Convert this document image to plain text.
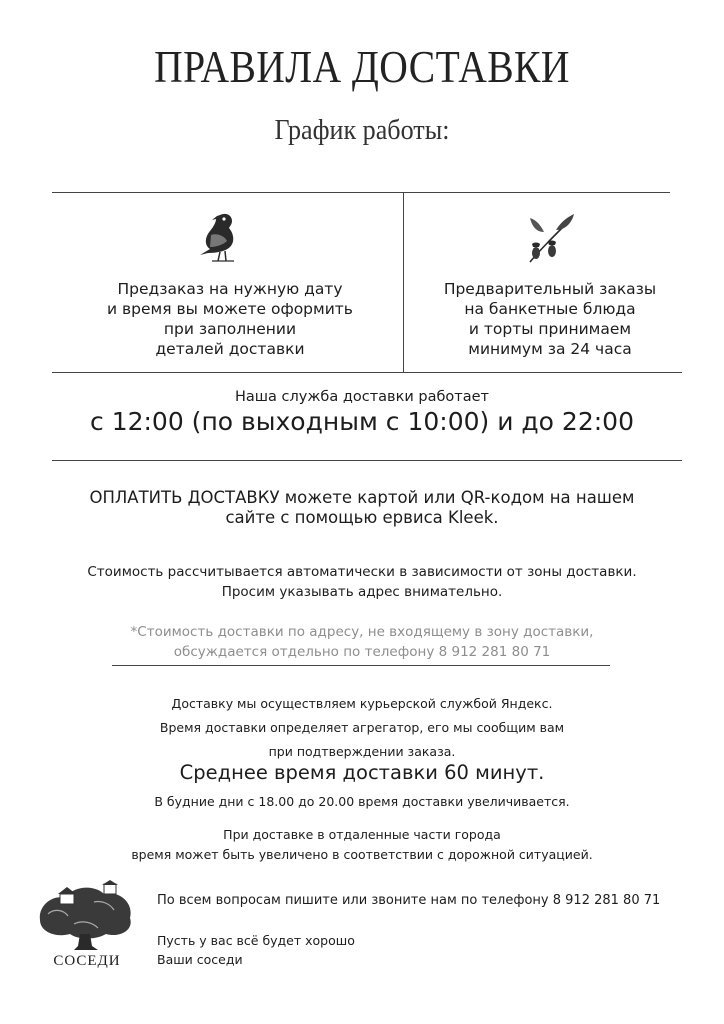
ПРАВИЛА ДОСТАВКИ
График работы:
Предзаказ на нужную дату
и время вы можете оформить
при заполнении
деталей доставки
Предварительный заказы
на банкетные блюда
и торты принимаем
минимум за 24 часа
Наша служба доставки работает
с 12:00 (по выходным с 10:00) и до 22:00
ОПЛАТИТЬ ДОСТАВКУ можете картой или QR-кодом на нашем
сайте с помощью ервиса Kleek.
Стоимость рассчитывается автоматически в зависимости от зоны доставки.
Просим указывать адрес внимательно.
*Стоимость доставки по адресу, не входящему в зону доставки,
обсуждается отдельно по телефону 8 912 281 80 71
Доставку мы осуществляем курьерской службой Яндекс.
Время доставки определяет агрегатор, его мы сообщим вам
при подтверждении заказа.
Среднее время доставки 60 минут.
В будние дни с 18.00 до 20.00 время доставки увеличивается.
При доставке в отдаленные части города
время может быть увеличено в соответствии с дорожной ситуацией.
СОСЕДИ
По всем вопросам пишите или звоните нам по телефону 8 912 281 80 71
Пусть у вас всё будет хорошо
Ваши соседи
